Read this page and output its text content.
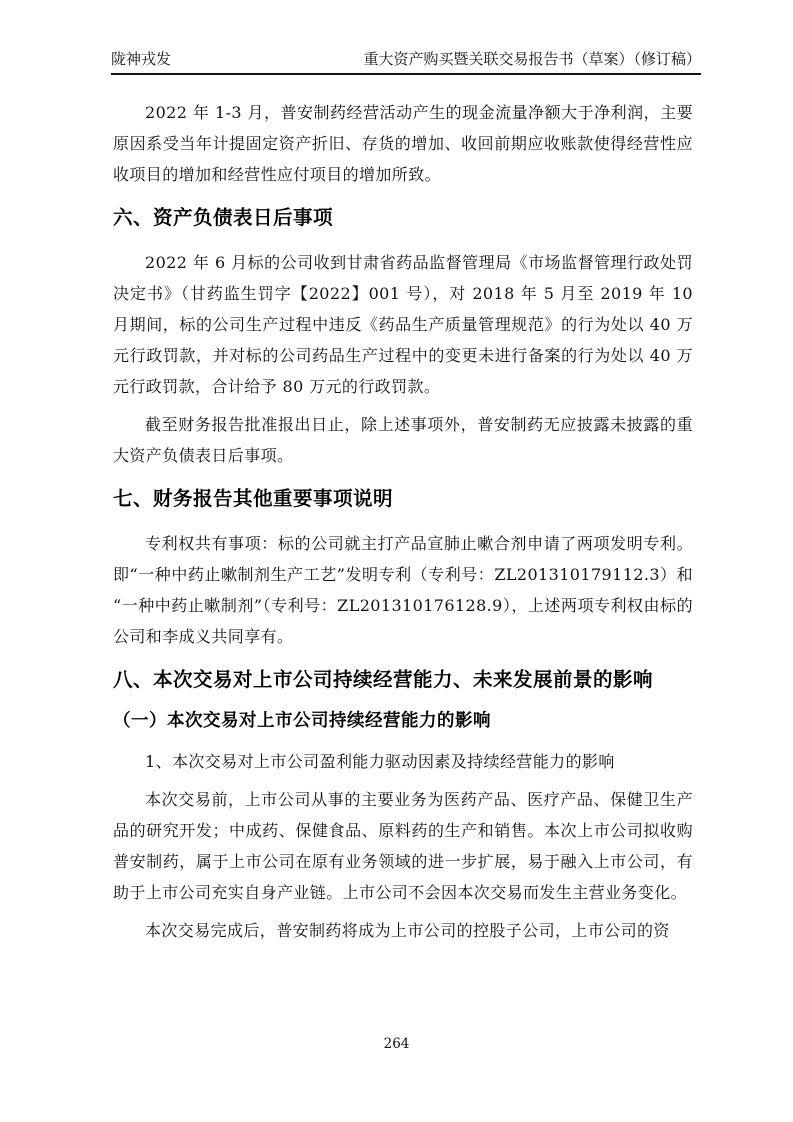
陇神戎发	重大资产购买暨关联交易报告书（草案）（修订稿）

2022 年 1-3 月，普安制药经营活动产生的现金流量净额大于净利润，主要原因系受当年计提固定资产折旧、存货的增加、收回前期应收账款使得经营性应收项目的增加和经营性应付项目的增加所致。

六、资产负债表日后事项

2022 年 6 月标的公司收到甘肃省药品监督管理局《市场监督管理行政处罚决定书》（甘药监生罚字【2022】001 号），对 2018 年 5 月至 2019 年 10 月期间，标的公司生产过程中违反《药品生产质量管理规范》的行为处以 40 万元行政罚款，并对标的公司药品生产过程中的变更未进行备案的行为处以 40 万元行政罚款，合计给予 80 万元的行政罚款。

截至财务报告批准报出日止，除上述事项外，普安制药无应披露未披露的重大资产负债表日后事项。

七、财务报告其他重要事项说明

专利权共有事项：标的公司就主打产品宣肺止嗽合剂申请了两项发明专利。即“一种中药止嗽制剂生产工艺”发明专利（专利号：ZL201310179112.3）和“一种中药止嗽制剂”（专利号：ZL201310176128.9），上述两项专利权由标的公司和李成义共同享有。

八、本次交易对上市公司持续经营能力、未来发展前景的影响
（一）本次交易对上市公司持续经营能力的影响

1、本次交易对上市公司盈利能力驱动因素及持续经营能力的影响

本次交易前，上市公司从事的主要业务为医药产品、医疗产品、保健卫生产品的研究开发；中成药、保健食品、原料药的生产和销售。本次上市公司拟收购普安制药，属于上市公司在原有业务领域的进一步扩展，易于融入上市公司，有助于上市公司充实自身产业链。上市公司不会因本次交易而发生主营业务变化。

本次交易完成后，普安制药将成为上市公司的控股子公司，上市公司的资

264
